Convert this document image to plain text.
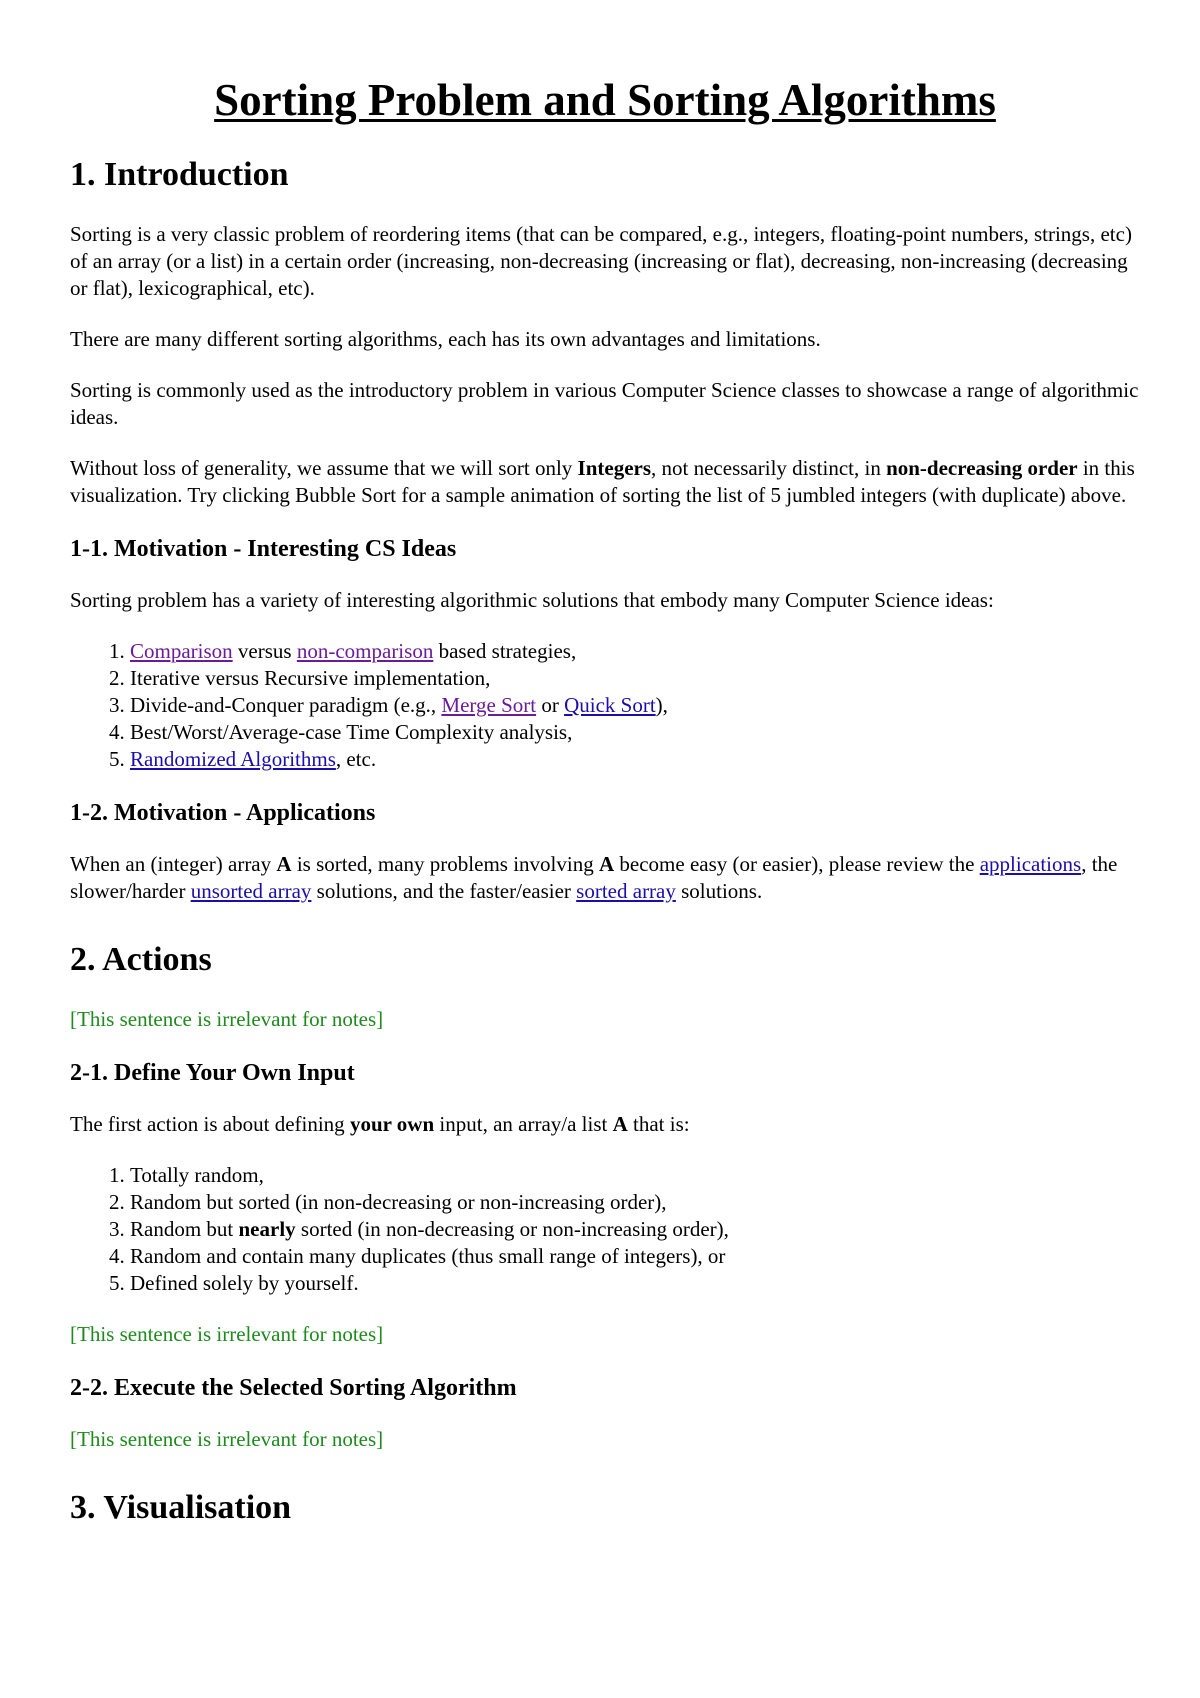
Sorting Problem and Sorting Algorithms
1. Introduction

Sorting is a very classic problem of reordering items (that can be compared, e.g., integers, floating-point numbers, strings, etc) of an array (or a list) in a certain order (increasing, non-decreasing (increasing or flat), decreasing, non-increasing (decreasing or flat), lexicographical, etc).

There are many different sorting algorithms, each has its own advantages and limitations.

Sorting is commonly used as the introductory problem in various Computer Science classes to showcase a range of algorithmic ideas.

Without loss of generality, we assume that we will sort only Integers, not necessarily distinct, in non-decreasing order in this visualization. Try clicking Bubble Sort for a sample animation of sorting the list of 5 jumbled integers (with duplicate) above.

1-1. Motivation - Interesting CS Ideas

Sorting problem has a variety of interesting algorithmic solutions that embody many Computer Science ideas:

1. Comparison versus non-comparison based strategies,
2. Iterative versus Recursive implementation,
3. Divide-and-Conquer paradigm (e.g., Merge Sort or Quick Sort),
4. Best/Worst/Average-case Time Complexity analysis,
5. Randomized Algorithms, etc.
1-2. Motivation - Applications

When an (integer) array A is sorted, many problems involving A become easy (or easier), please review the applications, the slower/harder unsorted array solutions, and the faster/easier sorted array solutions.

2. Actions

[This sentence is irrelevant for notes]

2-1. Define Your Own Input

The first action is about defining your own input, an array/a list A that is:

1. Totally random,
2. Random but sorted (in non-decreasing or non-increasing order),
3. Random but nearly sorted (in non-decreasing or non-increasing order),
4. Random and contain many duplicates (thus small range of integers), or
5. Defined solely by yourself.

[This sentence is irrelevant for notes]

2-2. Execute the Selected Sorting Algorithm

[This sentence is irrelevant for notes]

3. Visualisation
